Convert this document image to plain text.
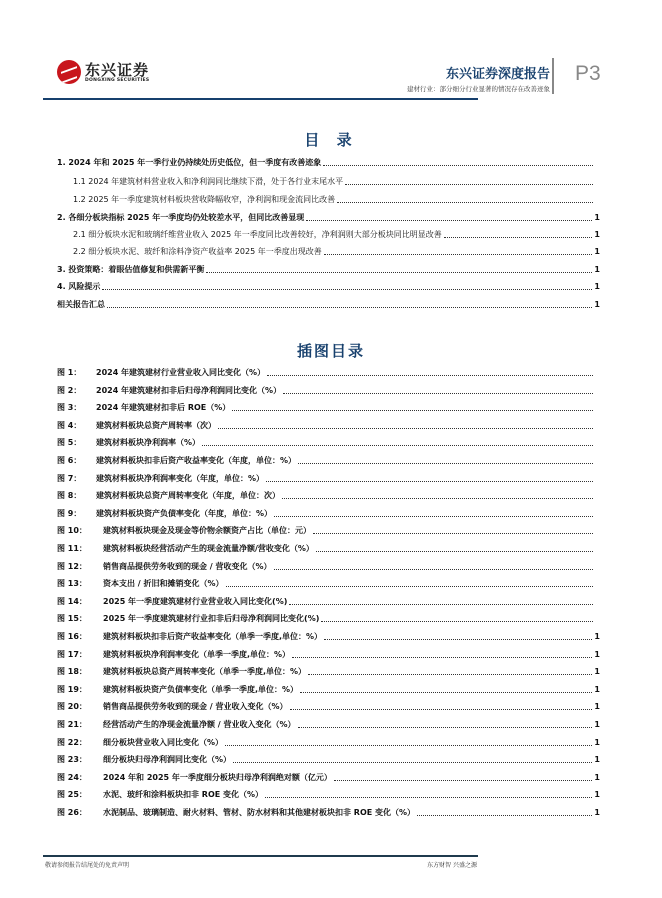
东兴证券
DONGXING SECURITIES	东兴证券深度报告
建材行业：部分细分行业显著的情况存在改善迹象
P3
目 录
1. 2024 年和 2025 年一季行业仍持续处历史低位，但一季度有改善迹象
1.1 2024 年建筑材料营业收入和净利润同比继续下滑，处于各行业末尾水平
1.2 2025 年一季度建筑材料板块营收降幅收窄，净利润和现金流同比改善
2. 各细分板块指标 2025 年一季度均仍处较差水平，但同比改善显现	1
2.1 细分板块水泥和玻璃纤维营业收入 2025 年一季度同比改善较好，净利润则大部分板块同比明显改善	1
2.2 细分板块水泥、玻纤和涂料净资产收益率 2025 年一季度出现改善	1
3. 投资策略：着眼估值修复和供需新平衡	1
4. 风险提示	1
相关报告汇总	1
插图目录
图 1：	2024 年建筑建材行业营业收入同比变化（%）
图 2：	2024 年建筑建材扣非后归母净利润同比变化（%）
图 3：	2024 年建筑建材扣非后 ROE（%）
图 4：	建筑材料板块总资产周转率（次）
图 5：	建筑材料板块净利润率（%）
图 6：	建筑材料板块扣非后资产收益率变化（年度，单位：%）
图 7：	建筑材料板块净利润率变化（年度，单位：%）
图 8：	建筑材料板块总资产周转率变化（年度，单位：次）
图 9：	建筑材料板块资产负债率变化（年度，单位：%）
图 10：	建筑材料板块现金及现金等价物余额资产占比（单位：元）
图 11：	建筑材料板块经营活动产生的现金流量净额/营收变化（%）
图 12：	销售商品提供劳务收到的现金 / 营收变化（%）
图 13：	资本支出 / 折旧和摊销变化（%）
图 14：	2025 年一季度建筑建材行业营业收入同比变化(%)
图 15：	2025 年一季度建筑建材行业扣非后归母净利润同比变化(%)
图 16：	建筑材料板块扣非后资产收益率变化（单季一季度,单位：%）	1
图 17：	建筑材料板块净利润率变化（单季一季度,单位：%）	1
图 18：	建筑材料板块总资产周转率变化（单季一季度,单位：%）	1
图 19：	建筑材料板块资产负债率变化（单季一季度,单位：%）	1
图 20：	销售商品提供劳务收到的现金 / 营业收入变化（%）	1
图 21：	经营活动产生的净现金流量净额 / 营业收入变化（%）	1
图 22：	细分板块营业收入同比变化（%）	1
图 23：	细分板块归母净利润同比变化（%）	1
图 24：	2024 年和 2025 年一季度细分板块归母净利润绝对额（亿元）	1
图 25：	水泥、玻纤和涂料板块扣非 ROE 变化（%）	1
图 26：	水泥制品、玻璃制造、耐火材料、管材、防水材料和其他建材板块扣非 ROE 变化（%）	1
敬请参阅报告结尾处的免责声明	东方财智 兴盛之源
